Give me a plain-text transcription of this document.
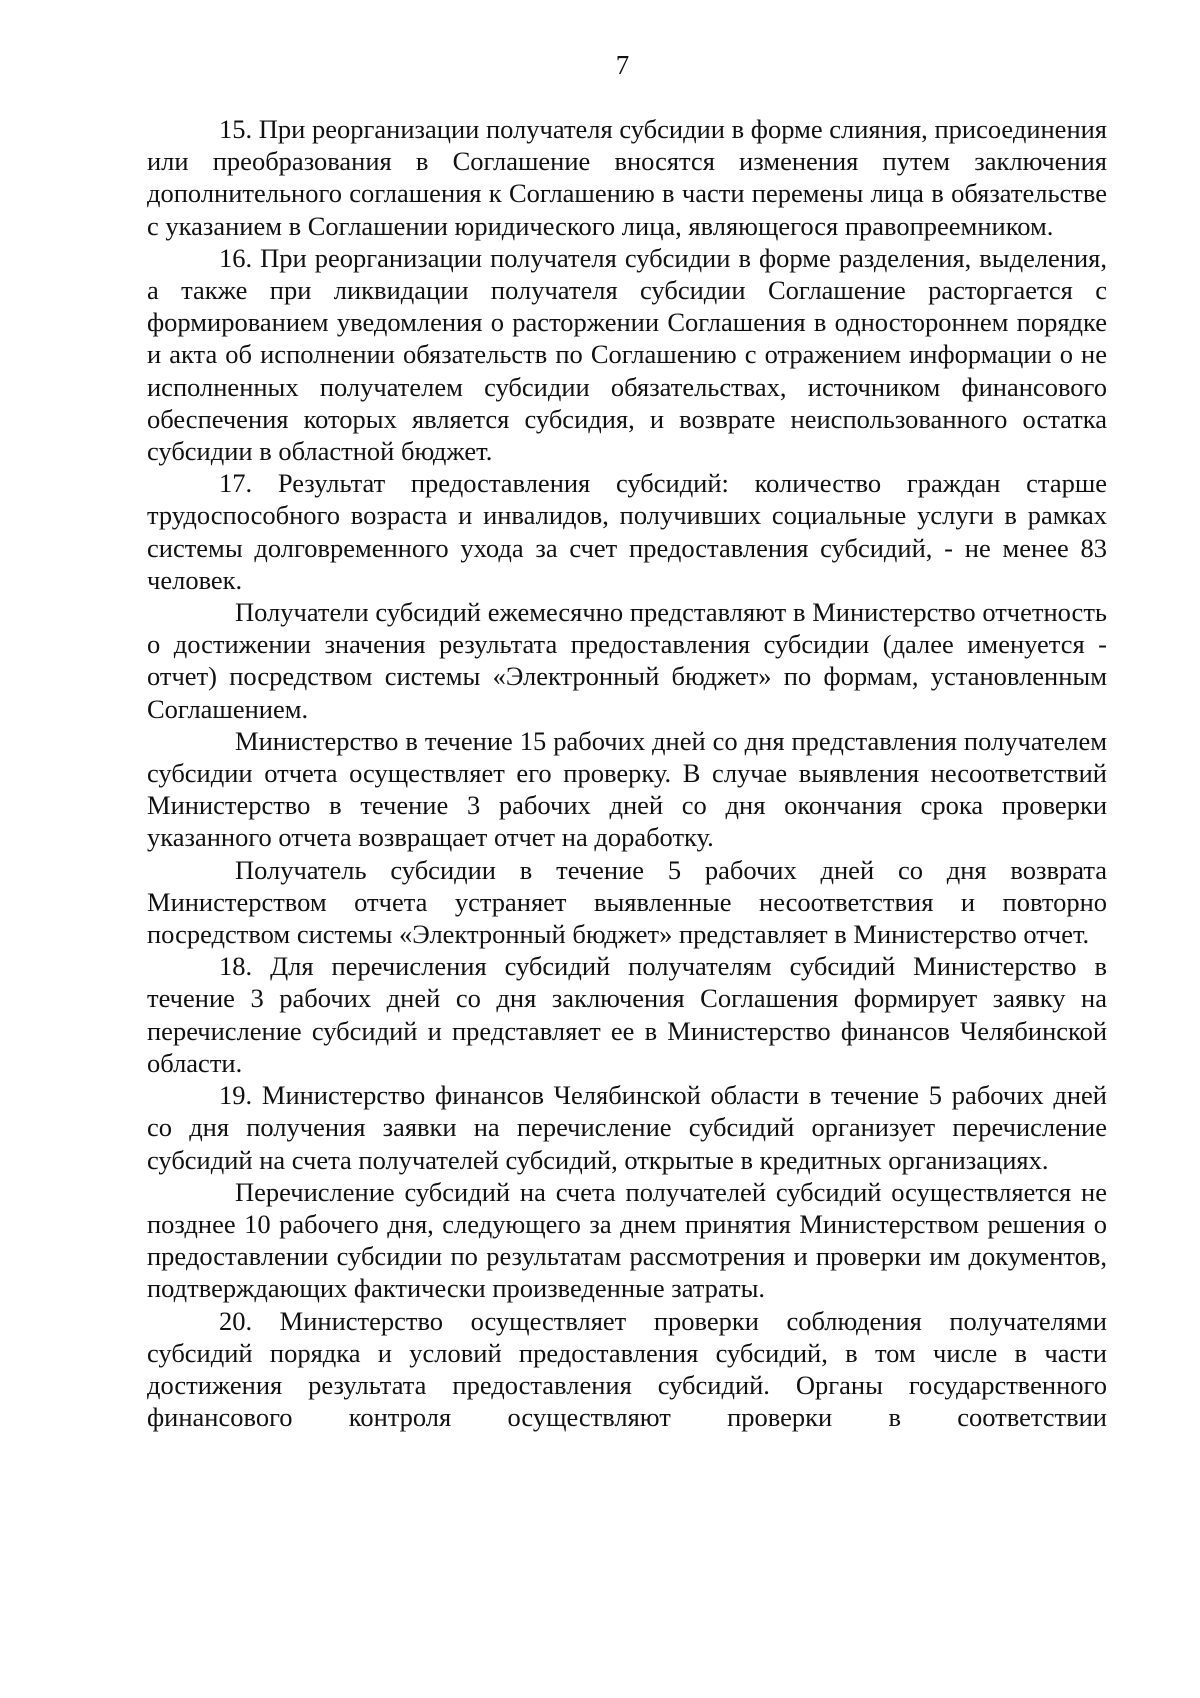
7

15. При реорганизации получателя субсидии в форме слияния, присоединения или преобразования в Соглашение вносятся изменения путем заключения дополнительного соглашения к Соглашению в части перемены лица в обязательстве с указанием в Соглашении юридического лица, являющегося правопреемником.

16. При реорганизации получателя субсидии в форме разделения, выделения, а также при ликвидации получателя субсидии Соглашение расторгается с формированием уведомления о расторжении Соглашения в одностороннем порядке и акта об исполнении обязательств по Соглашению с отражением информации о не исполненных получателем субсидии обязательствах, источником финансового обеспечения которых является субсидия, и возврате неиспользованного остатка субсидии в областной бюджет.

17. Результат предоставления субсидий: количество граждан старше трудоспособного возраста и инвалидов, получивших социальные услуги в рамках системы долговременного ухода за счет предоставления субсидий, - не менее 83 человек.

Получатели субсидий ежемесячно представляют в Министерство отчетность о достижении значения результата предоставления субсидии (далее именуется - отчет) посредством системы «Электронный бюджет» по формам, установленным Соглашением.

Министерство в течение 15 рабочих дней со дня представления получателем субсидии отчета осуществляет его проверку. В случае выявления несоответствий Министерство в течение 3 рабочих дней со дня окончания срока проверки указанного отчета возвращает отчет на доработку.

Получатель субсидии в течение 5 рабочих дней со дня возврата Министерством отчета устраняет выявленные несоответствия и повторно посредством системы «Электронный бюджет» представляет в Министерство отчет.

18. Для перечисления субсидий получателям субсидий Министерство в течение 3 рабочих дней со дня заключения Соглашения формирует заявку на перечисление субсидий и представляет ее в Министерство финансов Челябинской области.

19. Министерство финансов Челябинской области в течение 5 рабочих дней со дня получения заявки на перечисление субсидий организует перечисление субсидий на счета получателей субсидий, открытые в кредитных организациях.

Перечисление субсидий на счета получателей субсидий осуществляется не позднее 10 рабочего дня, следующего за днем принятия Министерством решения о предоставлении субсидии по результатам рассмотрения и проверки им документов, подтверждающих фактически произведенные затраты.

20. Министерство осуществляет проверки соблюдения получателями субсидий порядка и условий предоставления субсидий, в том числе в части достижения результата предоставления субсидий. Органы государственного финансового контроля осуществляют проверки в соответствии
